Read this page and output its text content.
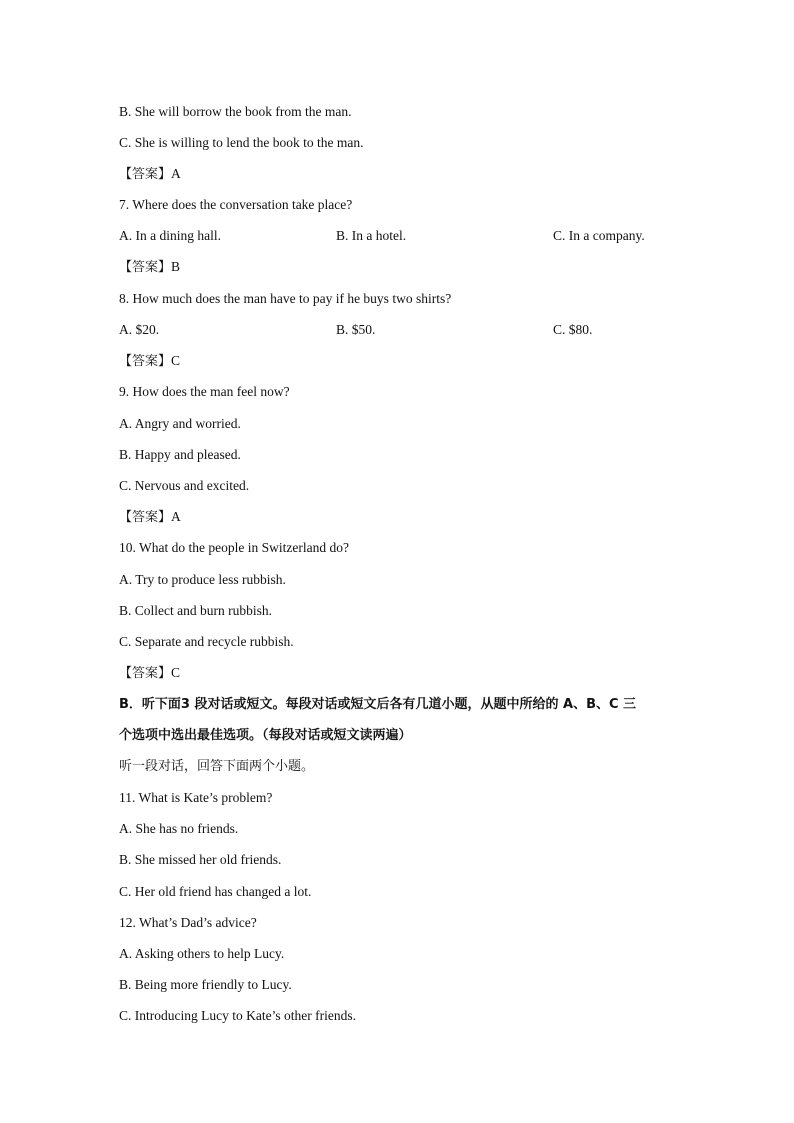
B. She will borrow the book from the man.
C. She is willing to lend the book to the man.
【答案】A
7. Where does the conversation take place?
A. In a dining hall.	B. In a hotel.	C. In a company.
【答案】B
8. How much does the man have to pay if he buys two shirts?
A. $20.	B. $50.	C. $80.
【答案】C
9. How does the man feel now?
A. Angry and worried.
B. Happy and pleased.
C. Nervous and excited.
【答案】A
10. What do the people in Switzerland do?
A. Try to produce less rubbish.
B. Collect and burn rubbish.
C. Separate and recycle rubbish.
【答案】C
B．听下面3 段对话或短文。每段对话或短文后各有几道小题，从题中所给的 A、B、C 三
个选项中选出最佳选项。（每段对话或短文读两遍）
听一段对话，回答下面两个小题。
11. What is Kate’s problem?
A. She has no friends.
B. She missed her old friends.
C. Her old friend has changed a lot.
12. What’s Dad’s advice?
A. Asking others to help Lucy.
B. Being more friendly to Lucy.
C. Introducing Lucy to Kate’s other friends.
